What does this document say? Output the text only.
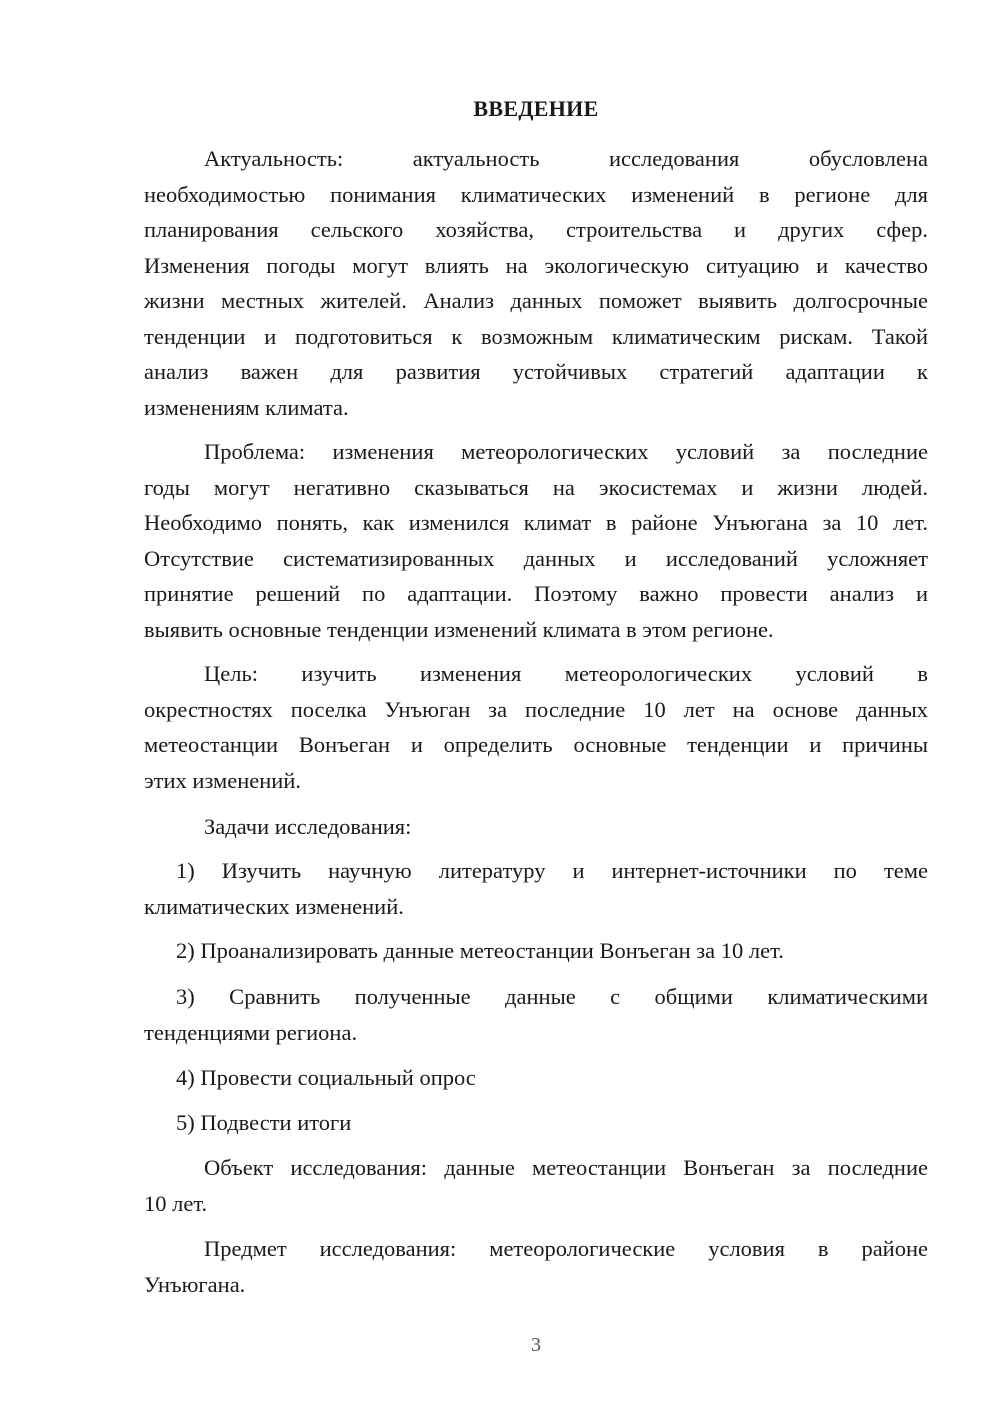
ВВЕДЕНИЕ
Актуальность: актуальность исследования обусловлена
необходимостью понимания климатических изменений в регионе для
планирования сельского хозяйства, строительства и других сфер.
Изменения погоды могут влиять на экологическую ситуацию и качество
жизни местных жителей. Анализ данных поможет выявить долгосрочные
тенденции и подготовиться к возможным климатическим рискам. Такой
анализ важен для развития устойчивых стратегий адаптации к
изменениям климата.
Проблема: изменения метеорологических условий за последние
годы могут негативно сказываться на экосистемах и жизни людей.
Необходимо понять, как изменился климат в районе Унъюгана за 10 лет.
Отсутствие систематизированных данных и исследований усложняет
принятие решений по адаптации. Поэтому важно провести анализ и
выявить основные тенденции изменений климата в этом регионе.
Цель: изучить изменения метеорологических условий в
окрестностях поселка Унъюган за последние 10 лет на основе данных
метеостанции Вонъеган и определить основные тенденции и причины
этих изменений.
Задачи исследования:
1) Изучить научную литературу и интернет-источники по теме
климатических изменений.
2) Проанализировать данные метеостанции Вонъеган за 10 лет.
3) Сравнить полученные данные с общими климатическими
тенденциями региона.
4) Провести социальный опрос
5) Подвести итоги
Объект исследования: данные метеостанции Вонъеган за последние
10 лет.
Предмет исследования: метеорологические условия в районе
Унъюгана.
3
